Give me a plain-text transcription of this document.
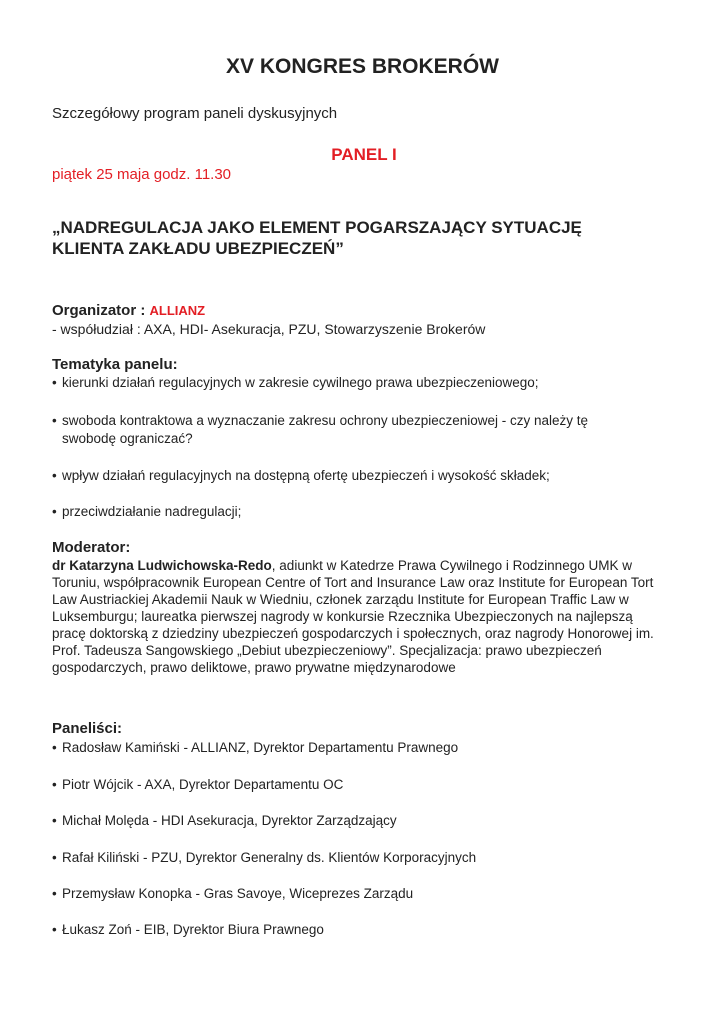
XV KONGRES BROKERÓW
Szczegółowy program paneli dyskusyjnych
PANEL I
piątek 25 maja godz. 11.30
„NADREGULACJA JAKO ELEMENT POGARSZAJĄCY SYTUACJĘ
KLIENTA ZAKŁADU UBEZPIECZEŃ”
Organizator : ALLIANZ
- współudział : AXA, HDI- Asekuracja, PZU, Stowarzyszenie Brokerów
Tematyka panelu:
• kierunki działań regulacyjnych w zakresie cywilnego prawa ubezpieczeniowego;
• swoboda kontraktowa a wyznaczanie zakresu ochrony ubezpieczeniowej - czy należy tę swobodę ograniczać?
• wpływ działań regulacyjnych na dostępną ofertę ubezpieczeń i wysokość składek;
• przeciwdziałanie nadregulacji;
Moderator:
dr Katarzyna Ludwichowska-Redo, adiunkt w Katedrze Prawa Cywilnego i Rodzinnego UMK w Toruniu, współpracownik European Centre of Tort and Insurance Law oraz Institute for European Tort Law Austriackiej Akademii Nauk w Wiedniu, członek zarządu Institute for European Traffic Law w Luksemburgu; laureatka pierwszej nagrody w konkursie Rzecznika Ubezpieczonych na najlepszą pracę doktorską z dziedziny ubezpieczeń gospodarczych i społecznych, oraz nagrody Honorowej im. Prof. Tadeusza Sangowskiego „Debiut ubezpieczeniowy”. Specjalizacja: prawo ubezpieczeń gospodarczych, prawo deliktowe, prawo prywatne międzynarodowe
Paneliści:
• Radosław Kamiński - ALLIANZ, Dyrektor Departamentu Prawnego
• Piotr Wójcik - AXA, Dyrektor Departamentu OC
• Michał Molęda - HDI Asekuracja, Dyrektor Zarządzający
• Rafał Kiliński - PZU, Dyrektor Generalny ds. Klientów Korporacyjnych
• Przemysław Konopka - Gras Savoye, Wiceprezes Zarządu
• Łukasz Zoń - EIB, Dyrektor Biura Prawnego
